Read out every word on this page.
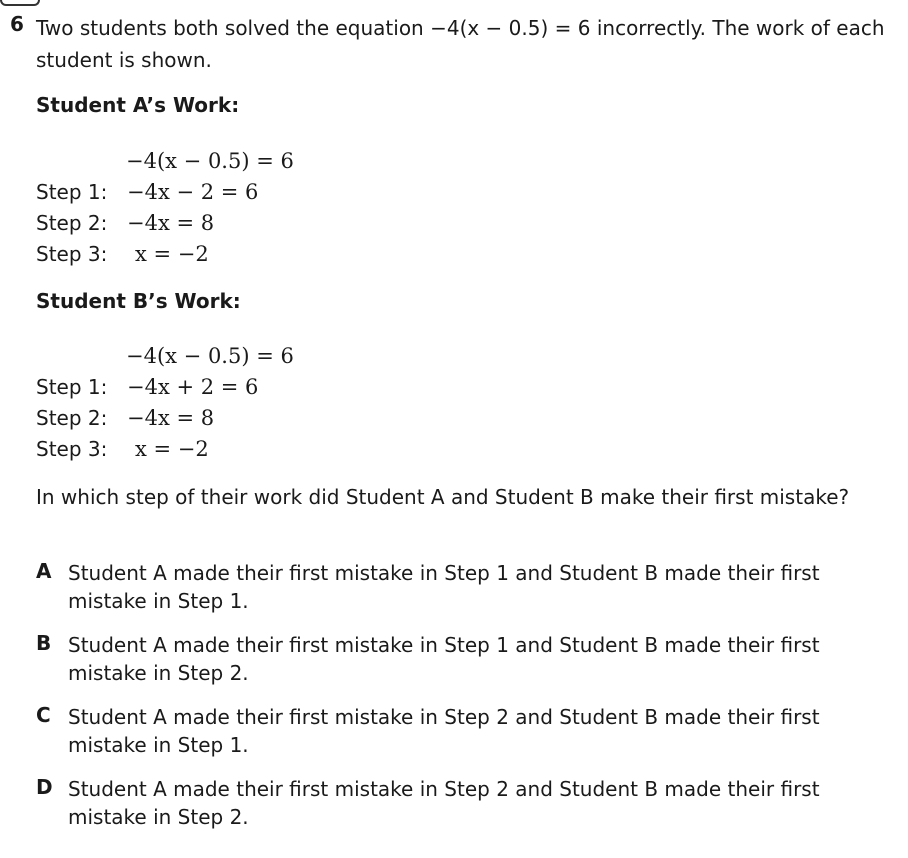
6 Two students both solved the equation −4(x − 0.5) = 6 incorrectly. The work of each student is shown.
Student A’s Work:
−4(x − 0.5) = 6
Step 1: −4x − 2 = 6
Step 2: −4x = 8
Step 3: x = −2
Student B’s Work:
−4(x − 0.5) = 6
Step 1: −4x + 2 = 6
Step 2: −4x = 8
Step 3: x = −2
In which step of their work did Student A and Student B make their first mistake?
A Student A made their first mistake in Step 1 and Student B made their first mistake in Step 1.
B Student A made their first mistake in Step 1 and Student B made their first mistake in Step 2.
C Student A made their first mistake in Step 2 and Student B made their first mistake in Step 1.
D Student A made their first mistake in Step 2 and Student B made their first mistake in Step 2.
